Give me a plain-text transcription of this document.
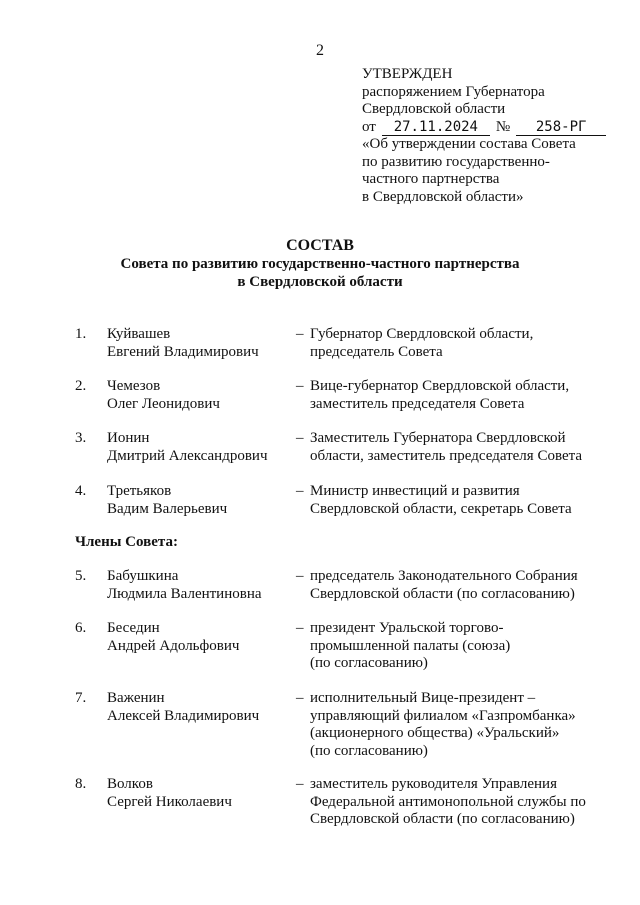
2
УТВЕРЖДЕН
распоряжением Губернатора
Свердловской области
от	27.11.2024	№	258-РГ
«Об утверждении состава Совета
по развитию государственно-
частного партнерства
в Свердловской области»
СОСТАВ
Совета по развитию государственно-частного партнерства
в Свердловской области
1. Куйвашев
Евгений Владимирович
– Губернатор Свердловской области,
председатель Совета
2. Чемезов
Олег Леонидович
– Вице-губернатор Свердловской области,
заместитель председателя Совета
3. Ионин
Дмитрий Александрович
– Заместитель Губернатора Свердловской
области, заместитель председателя Совета
4. Третьяков
Вадим Валерьевич
– Министр инвестиций и развития
Свердловской области, секретарь Совета
5. Бабушкина
Людмила Валентиновна
– председатель Законодательного Собрания
Свердловской области (по согласованию)
6. Беседин
Андрей Адольфович
– президент Уральской торгово-
промышленной палаты (союза)
(по согласованию)
7. Важенин
Алексей Владимирович
– исполнительный Вице-президент –
управляющий филиалом «Газпромбанка»
(акционерного общества) «Уральский»
(по согласованию)
8. Волков
Сергей Николаевич
– заместитель руководителя Управления
Федеральной антимонопольной службы по
Свердловской области (по согласованию)
Члены Совета:
